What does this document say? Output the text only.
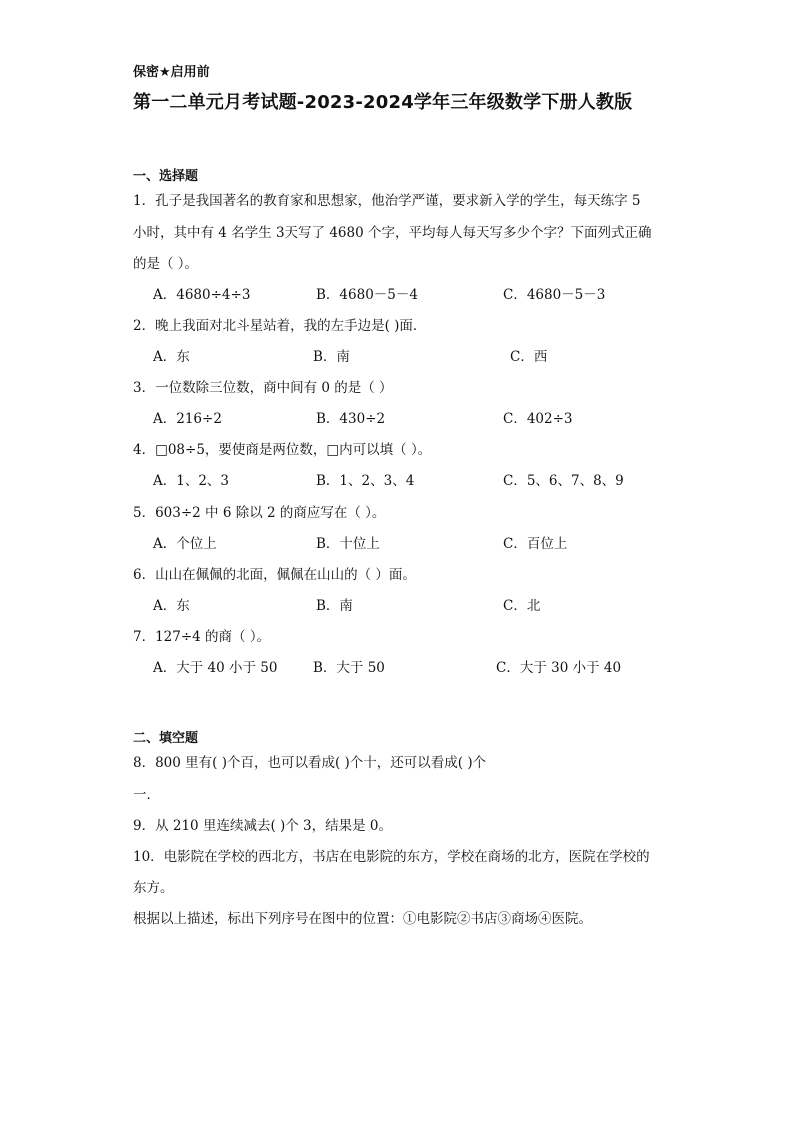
保密★启用前
第一二单元月考试题-2023-2024学年三年级数学下册人教版
一、选择题
1．孔子是我国著名的教育家和思想家，他治学严谨，要求新入学的学生，每天练字 5
小时，其中有 4 名学生 3天写了 4680 个字，平均每人每天写多少个字？下面列式正确
的是（ ）。
A．4680÷4÷3	B．4680－5－4	C．4680－5－3
2．晚上我面对北斗星站着，我的左手边是( )面．
A．东	B．南	C．西
3．一位数除三位数，商中间有 0 的是（ ）
A．216÷2	B．430÷2	C．402÷3
4．□08÷5，要使商是两位数，□内可以填（ ）。
A．1、2、3	B．1、2、3、4	C．5、6、7、8、9
5．603÷2 中 6 除以 2 的商应写在（ ）。
A．个位上	B．十位上	C．百位上
6．山山在佩佩的北面，佩佩在山山的（ ）面。
A．东	B．南	C．北
7．127÷4 的商（ ）。
A．大于 40 小于 50	B．大于 50	C．大于 30 小于 40
二、填空题
8．800 里有( )个百，也可以看成( )个十，还可以看成( )个
一．
9．从 210 里连续减去( )个 3，结果是 0。
10．电影院在学校的西北方，书店在电影院的东方，学校在商场的北方，医院在学校的
东方。
根据以上描述，标出下列序号在图中的位置：①电影院②书店③商场④医院。
